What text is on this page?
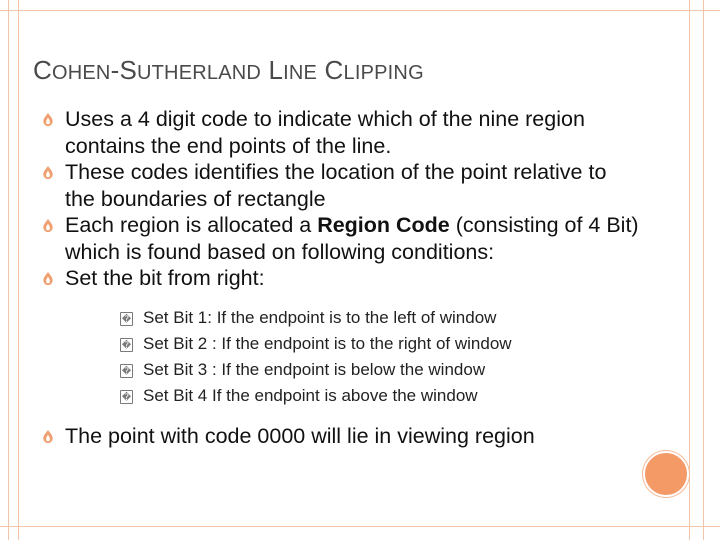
COHEN-SUTHERLAND LINE CLIPPING
Uses a 4 digit code to indicate which of the nine region contains the end points of the line.
These codes identifies the location of the point relative to the boundaries of rectangle
Each region is allocated a Region Code (consisting of 4 Bit) which is found based on following conditions:
Set the bit from right:
� Set Bit 1: If the endpoint is to the left of window
� Set Bit 2 : If the endpoint is to the right of window
� Set Bit 3 : If the endpoint is below the window
� Set Bit 4 If the endpoint is above the window
The point with code 0000 will lie in viewing region
